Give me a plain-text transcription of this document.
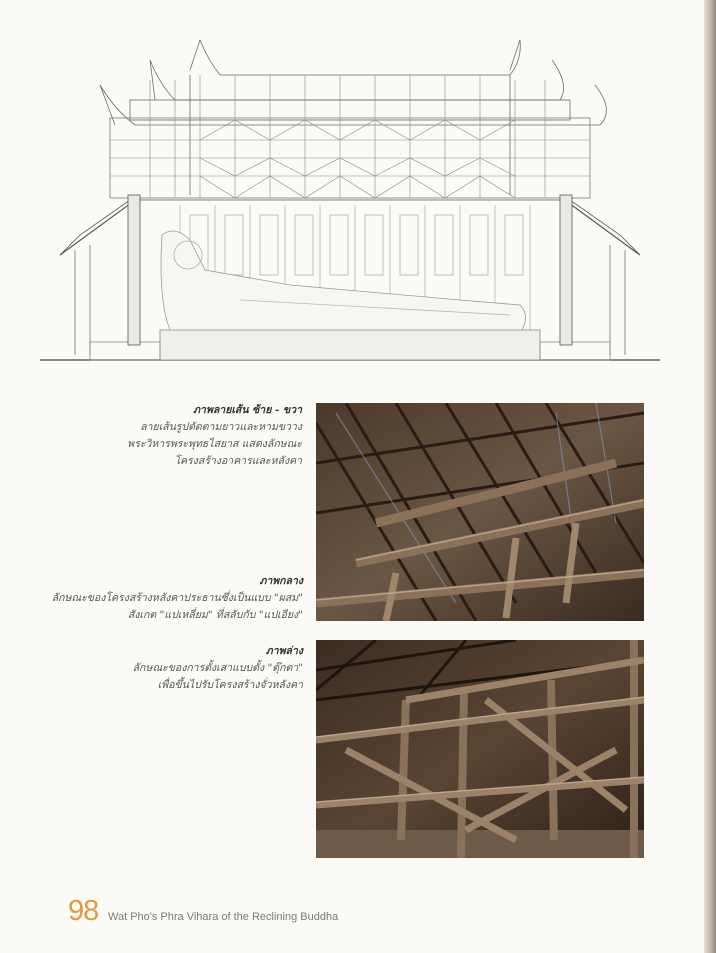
ภาพลายเส้น ซ้าย - ขวา
ลายเส้นรูปตัดตามยาวและหามขวาง
พระวิหารพระพุทธไสยาส แสดงลักษณะ
โครงสร้างอาคารและหลังคา
ภาพกลาง
ลักษณะของโครงสร้างหลังคาประธานซึ่งเป็นแบบ "ผสม"
สังเกต "แปเหลี่ยม" ที่สลับกับ "แปเอียง"
ภาพล่าง
ลักษณะของการตั้งเสาแบบตั้ง "ตุ๊กตา"
เพื่อขึ้นไปรับโครงสร้างจั่วหลังคา
98 Wat Pho's Phra Vihara of the Reclining Buddha
